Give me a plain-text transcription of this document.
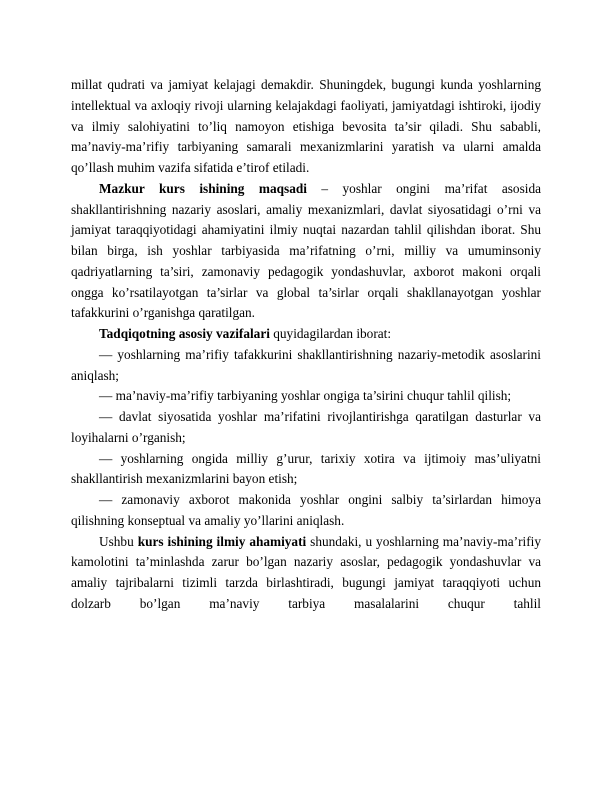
millat qudrati va jamiyat kelajagi demakdir. Shuningdek, bugungi kunda yoshlarning intellektual va axloqiy rivoji ularning kelajakdagi faoliyati, jamiyatdagi ishtiroki, ijodiy va ilmiy salohiyatini to’liq namoyon etishiga bevosita ta’sir qiladi. Shu sababli, ma’naviy-ma’rifiy tarbiyaning samarali mexanizmlarini yaratish va ularni amalda qo’llash muhim vazifa sifatida e’tirof etiladi.

Mazkur kurs ishining maqsadi – yoshlar ongini ma’rifat asosida shakllantirishning nazariy asoslari, amaliy mexanizmlari, davlat siyosatidagi o’rni va jamiyat taraqqiyotidagi ahamiyatini ilmiy nuqtai nazardan tahlil qilishdan iborat. Shu bilan birga, ish yoshlar tarbiyasida ma’rifatning o’rni, milliy va umuminsoniy qadriyatlarning ta’siri, zamonaviy pedagogik yondashuvlar, axborot makoni orqali ongga ko’rsatilayotgan ta’sirlar va global ta’sirlar orqali shakllanayotgan yoshlar tafakkurini o’rganishga qaratilgan.

Tadqiqotning asosiy vazifalari quyidagilardan iborat:

— yoshlarning ma’rifiy tafakkurini shakllantirishning nazariy-metodik asoslarini aniqlash;

— ma’naviy-ma’rifiy tarbiyaning yoshlar ongiga ta’sirini chuqur tahlil qilish;

— davlat siyosatida yoshlar ma’rifatini rivojlantirishga qaratilgan dasturlar va loyihalarni o’rganish;

— yoshlarning ongida milliy g’urur, tarixiy xotira va ijtimoiy mas’uliyatni shakllantirish mexanizmlarini bayon etish;

— zamonaviy axborot makonida yoshlar ongini salbiy ta’sirlardan himoya qilishning konseptual va amaliy yo’llarini aniqlash.

Ushbu kurs ishining ilmiy ahamiyati shundaki, u yoshlarning ma’naviy-ma’rifiy kamolotini ta’minlashda zarur bo’lgan nazariy asoslar, pedagogik yondashuvlar va amaliy tajribalarni tizimli tarzda birlashtiradi, bugungi jamiyat taraqqiyoti uchun dolzarb bo’lgan ma’naviy tarbiya masalalarini chuqur tahlil
